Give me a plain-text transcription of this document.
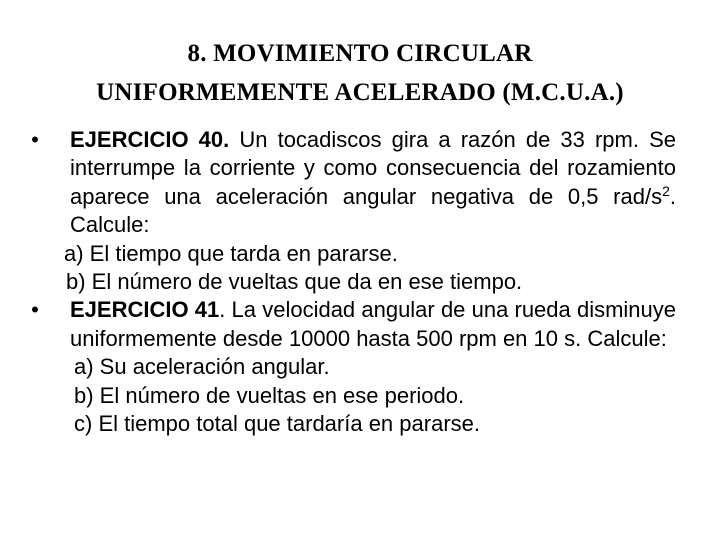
8. MOVIMIENTO CIRCULAR
UNIFORMEMENTE ACELERADO (M.C.U.A.)
• EJERCICIO 40. Un tocadiscos gira a razón de 33 rpm. Se interrumpe la corriente y como consecuencia del rozamiento aparece una aceleración angular negativa de 0,5 rad/$s^2$. Calcule:
a) El tiempo que tarda en pararse.
b) El número de vueltas que da en ese tiempo.
• EJERCICIO 41. La velocidad angular de una rueda disminuye uniformemente desde 10000 hasta 500 rpm en 10 s. Calcule:
a) Su aceleración angular.
b) El número de vueltas en ese periodo.
c) El tiempo total que tardaría en pararse.
